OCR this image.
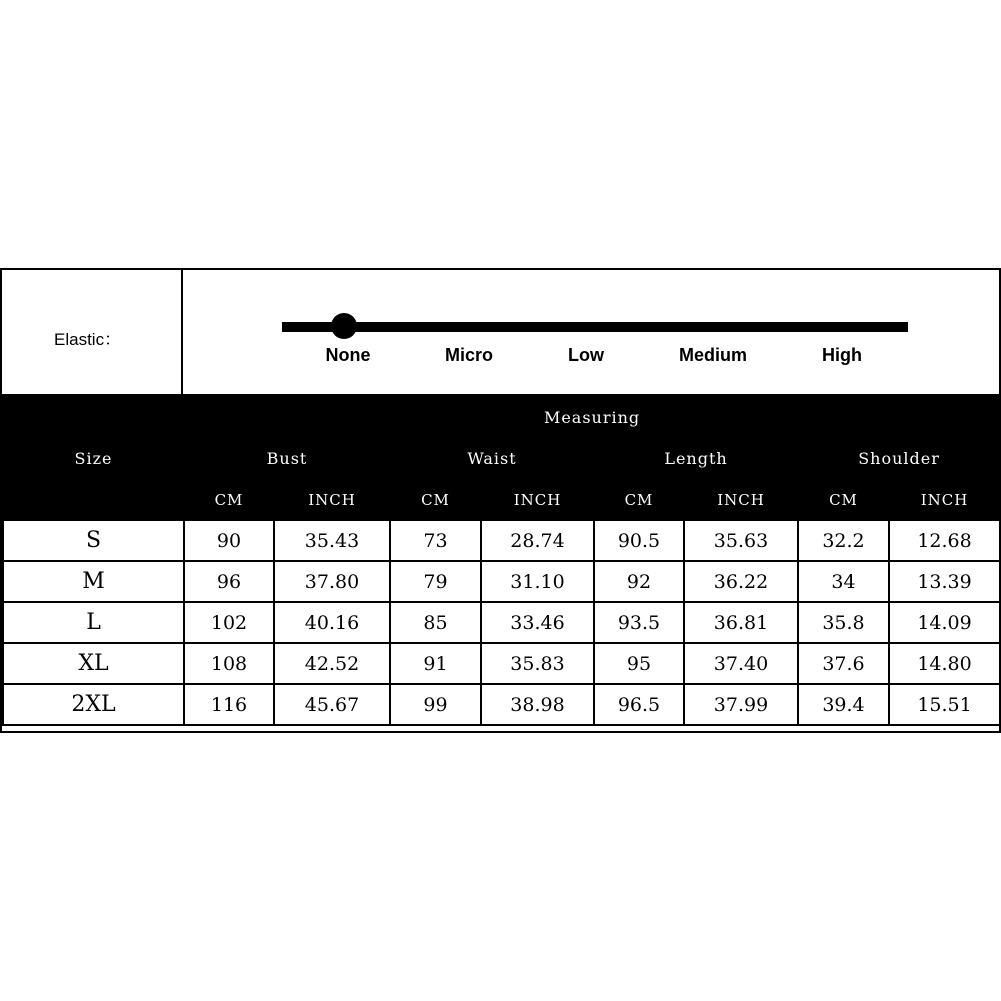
Elastic：
None	Micro	Low	Medium	High
Size	Measuring							
	Bust		Waist		Length		Shoulder	
	CM	INCH	CM	INCH	CM	INCH	CM	INCH
S	90	35.43	73	28.74	90.5	35.63	32.2	12.68
M	96	37.80	79	31.10	92	36.22	34	13.39
L	102	40.16	85	33.46	93.5	36.81	35.8	14.09
XL	108	42.52	91	35.83	95	37.40	37.6	14.80
2XL	116	45.67	99	38.98	96.5	37.99	39.4	15.51
